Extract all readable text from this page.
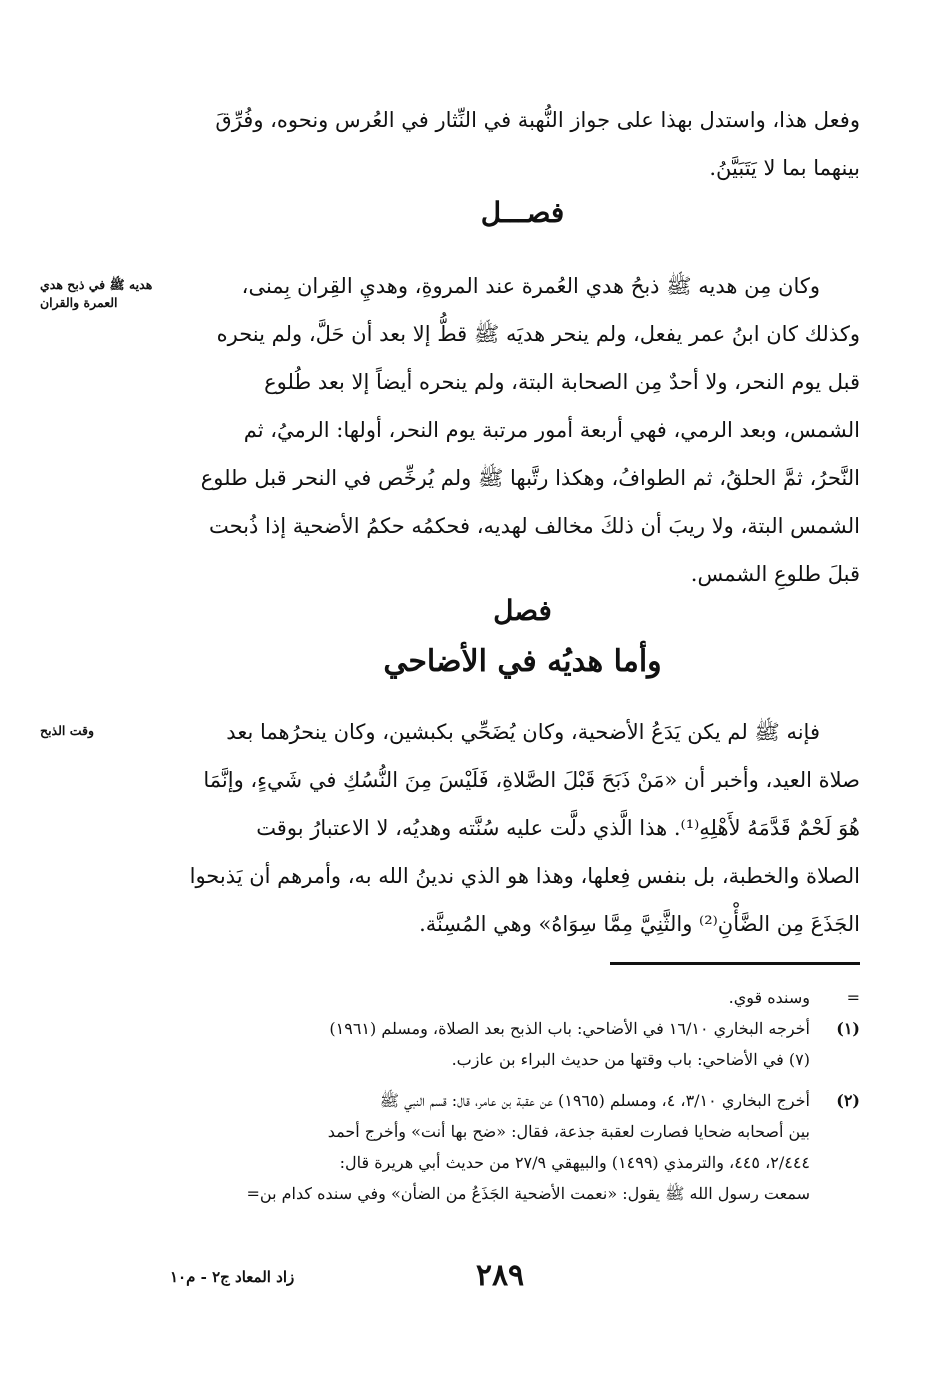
وفعل هذا، واستدل بهذا على جواز النُّهبة في النِّثار في العُرس ونحوه، وفُرِّقَ
بينهما بما لا يَتَبَيَّنُ.
فصـــل
هديه ﷺ في ذبح هدي العمرة والقران
وكان مِن هديه ﷺ ذبحُ هدي العُمرة عند المروةِ، وهديِ القِران بِمنى،
وكذلك كان ابنُ عمر يفعل، ولم ينحر هديَه ﷺ قطُّ إلا بعد أن حَلَّ، ولم ينحره
قبل يوم النحر، ولا أحدٌ مِن الصحابة البتة، ولم ينحره أيضاً إلا بعد طُلوع
الشمس، وبعد الرمي، فهي أربعة أمور مرتبة يوم النحر، أولها: الرميُ، ثم
النَّحرُ، ثمَّ الحلقُ، ثم الطوافُ، وهكذا رتَّبها ﷺ ولم يُرخِّص في النحر قبل طلوع
الشمس البتة، ولا ريبَ أن ذلكَ مخالف لهديه، فحكمُه حكمُ الأضحية إذا ذُبحت
قبلَ طلوعِ الشمس.
فصل
وأما هديُه في الأضاحي
وقت الذبح	فإنه ﷺ لم يكن يَدَعُ الأضحية، وكان يُضَحِّي بكبشين، وكان ينحرُهما بعد
صلاة العيد، وأخبر أن «مَنْ ذَبَحَ قَبْلَ الصَّلاةِ، فَلَيْسَ مِنَ النُّسُكِ في شَيءٍ، وإنَّمَا
هُوَ لَحْمٌ قَدَّمَهُ لأَهْلِهِ⁽¹⁾. هذا الَّذي دلَّت عليه سُنَّته وهديُه، لا الاعتبارُ بوقت
الصلاة والخطبة، بل بنفس فِعلها، وهذا هو الذي ندينُ الله به، وأمرهم أن يَذبحوا
الجَذَعَ مِن الضَّأْنِ⁽²⁾ والثَّنِيَّ مِمَّا سِوَاهُ» وهي المُسِنَّة.
=
وسنده قوي.
(١)
أخرجه البخاري ١٦/١٠ في الأضاحي: باب الذبح بعد الصلاة، ومسلم (١٩٦١)
(٧) في الأضاحي: باب وقتها من حديث البراء بن عازب.
(٢)
أخرج البخاري ٣/١٠، ٤، ومسلم (١٩٦٥) عن عقبة بن عامر، قال: قسم النبي ﷺ
بين أصحابه ضحايا فصارت لعقبة جذعة، فقال: «ضح بها أنت» وأخرج أحمد
٢/٤٤٤، ٤٤٥، والترمذي (١٤٩٩) والبيهقي ٢٧/٩ من حديث أبي هريرة قال:
سمعت رسول الله ﷺ يقول: «نعمت الأضحية الجَذَعُ من الضأن» وفي سنده كدام بن=
٢٨٩
زاد المعاد ج٢ - م١٠
